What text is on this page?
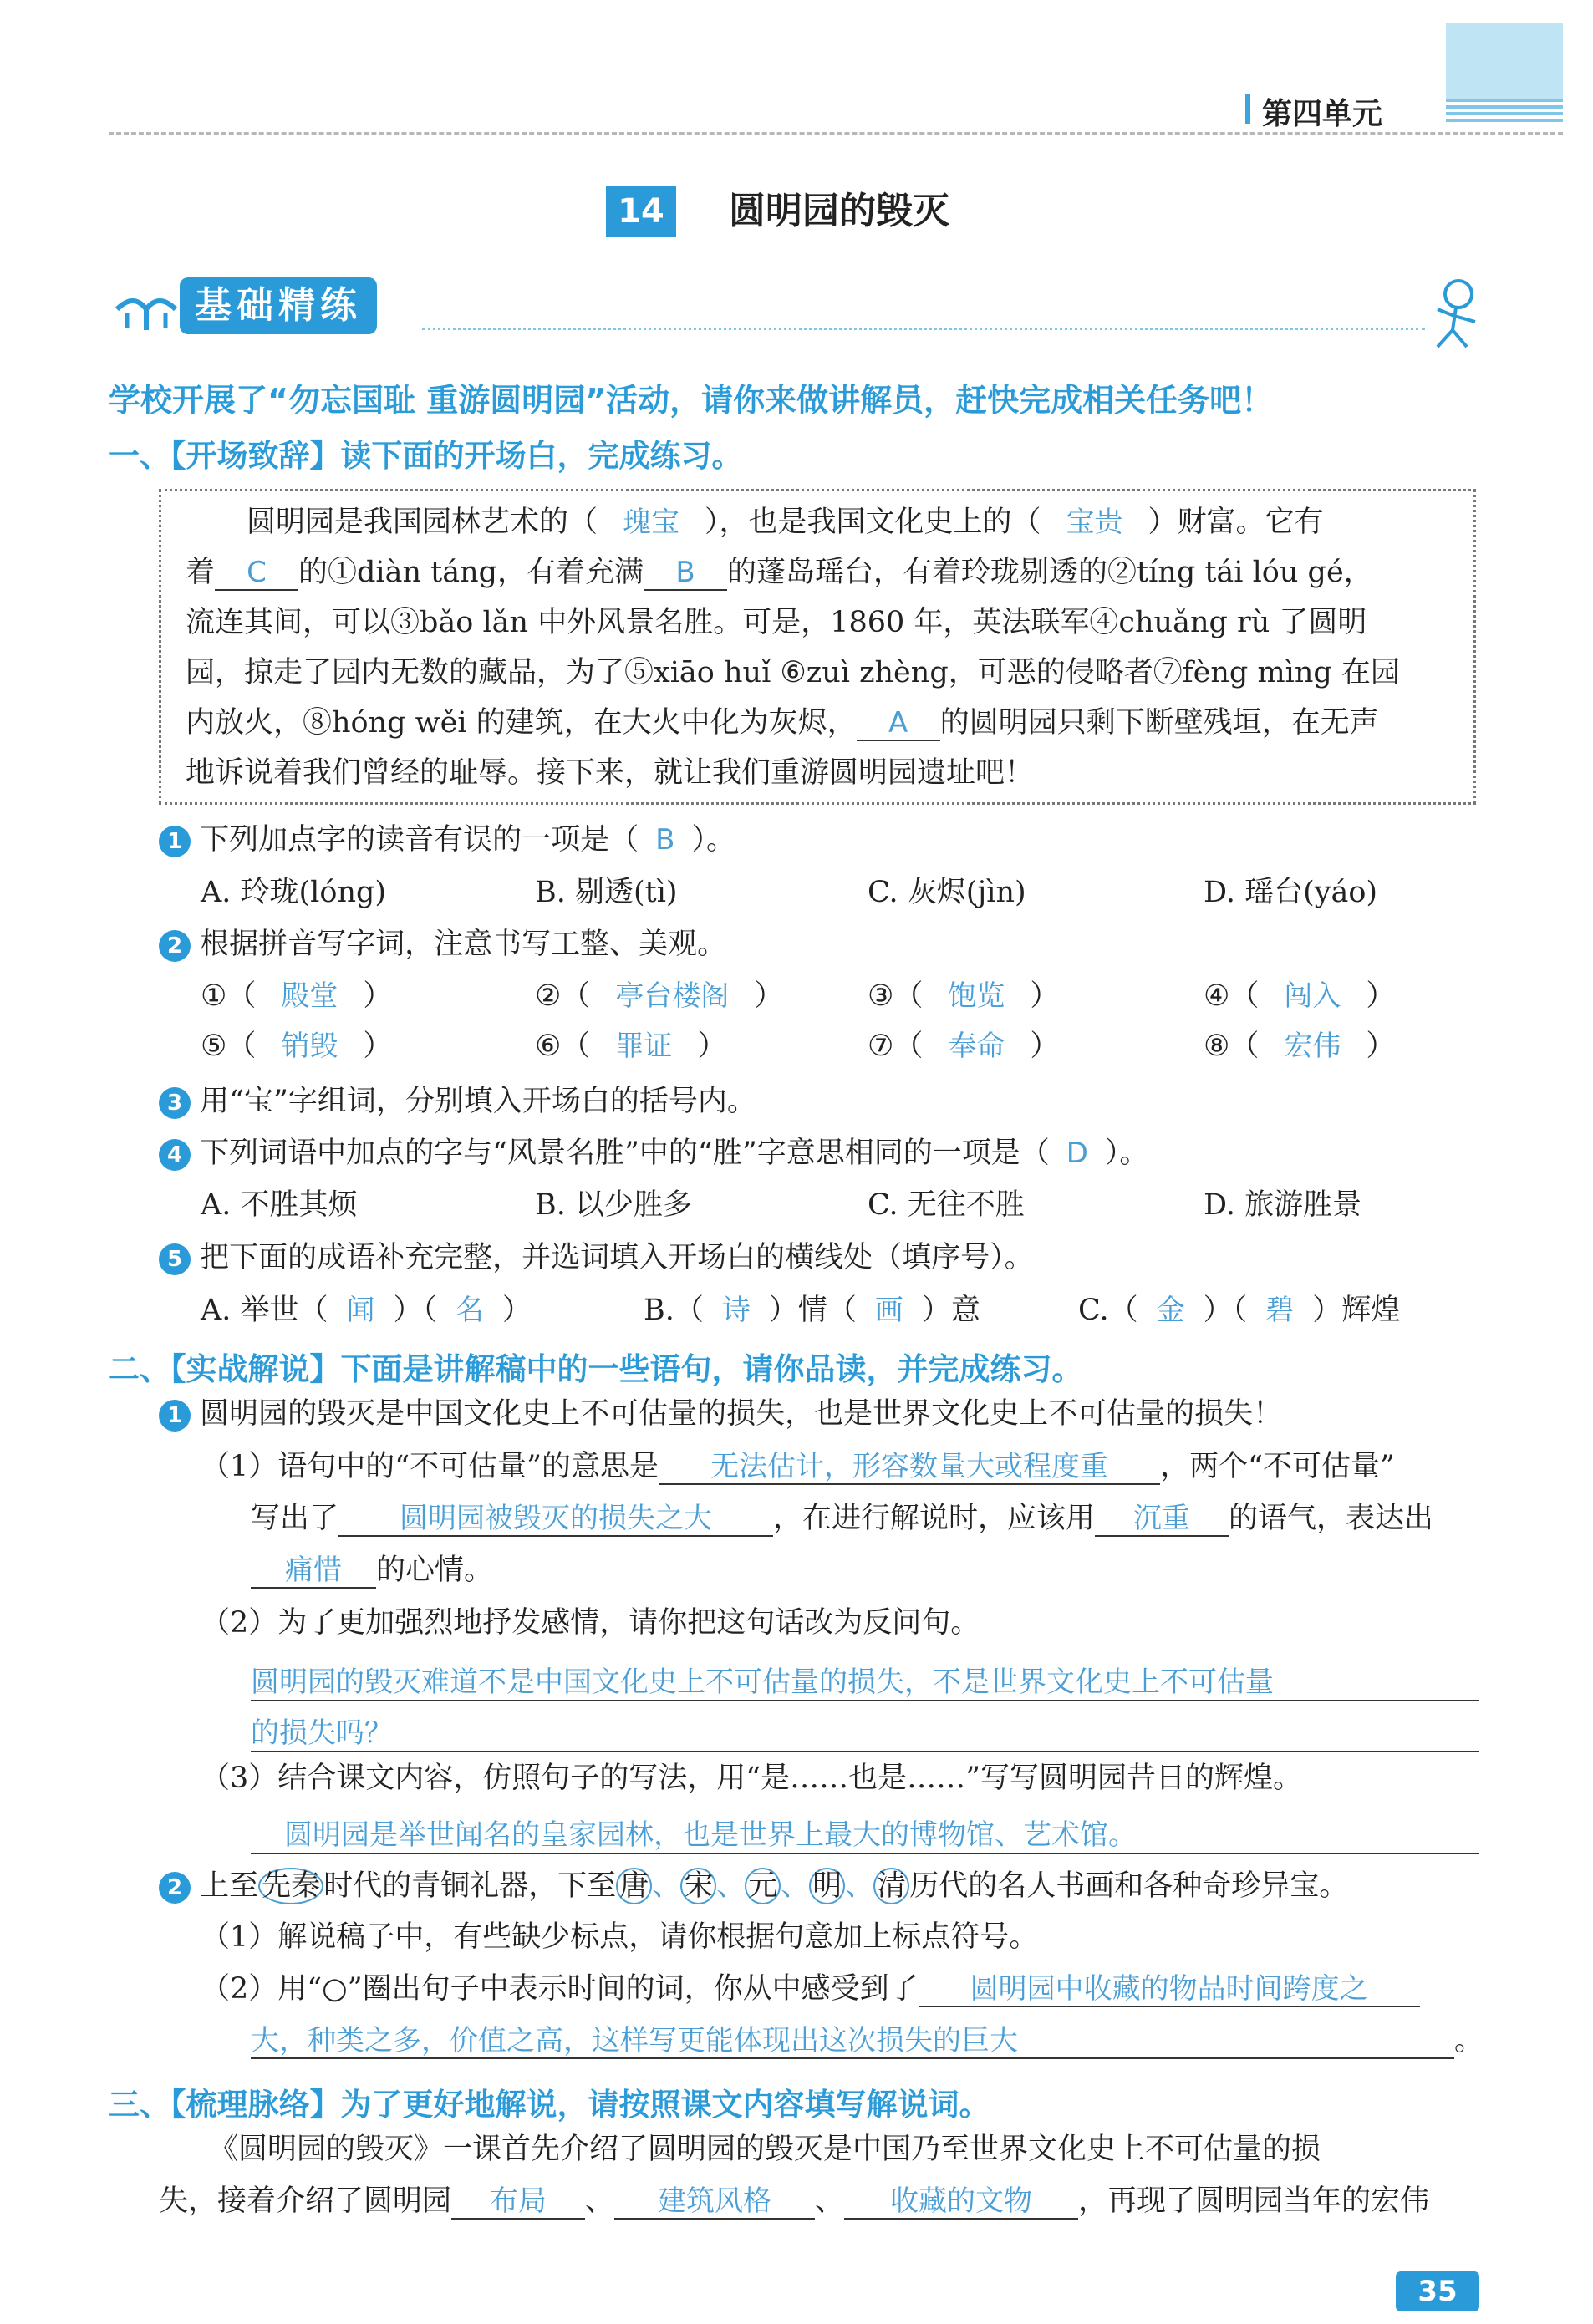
第四单元
14	圆明园的毁灭
基础精练
学校开展了“勿忘国耻 重游圆明园”活动，请你来做讲解员，赶快完成相关任务吧！
一、【开场致辞】读下面的开场白，完成练习。
圆明园是我国园林艺术的（ 瑰宝 ），也是我国文化史上的（ 宝贵 ）财富。它有
着 C 的①diàn táng，有着充满 B 的蓬岛瑶台，有着玲珑剔透的②tíng tái lóu gé，
流连其间，可以③bǎo lǎn 中外风景名胜。可是，1860 年，英法联军④chuǎng rù 了圆明
园，掠走了园内无数的藏品，为了⑤xiāo huǐ ⑥zuì zhèng，可恶的侵略者⑦fèng mìng 在园
内放火，⑧hóng wěi 的建筑，在大火中化为灰烬， A 的圆明园只剩下断壁残垣，在无声
地诉说着我们曾经的耻辱。接下来，就让我们重游圆明园遗址吧！
1 下列加点字的读音有误的一项是（ B ）。
A. 玲珑(lóng)	B. 剔透(tì)	C. 灰烬(jìn)	D. 瑶台(yáo)
2 根据拼音写字词，注意书写工整、美观。
①（ 殿堂 ）	②（ 亭台楼阁 ）	③（ 饱览 ）	④（ 闯入 ）
⑤（ 销毁 ）	⑥（ 罪证 ）	⑦（ 奉命 ）	⑧（ 宏伟 ）
3 用“宝”字组词，分别填入开场白的括号内。
4 下列词语中加点的字与“风景名胜”中的“胜”字意思相同的一项是（ D ）。
A. 不胜其烦	B. 以少胜多	C. 无往不胜	D. 旅游胜景
5 把下面的成语补充完整，并选词填入开场白的横线处（填序号）。
A. 举世（ 闻 ）（ 名 ）	B.（ 诗 ）情（ 画 ）意	C.（ 金 ）（ 碧 ）辉煌
二、【实战解说】下面是讲解稿中的一些语句，请你品读，并完成练习。
1 圆明园的毁灭是中国文化史上不可估量的损失，也是世界文化史上不可估量的损失！
（1）语句中的“不可估量”的意思是 无法估计，形容数量大或程度重 ，两个“不可估量”
写出了 圆明园被毁灭的损失之大 ，在进行解说时，应该用 沉重 的语气，表达出
痛惜 的心情。
（2）为了更加强烈地抒发感情，请你把这句话改为反问句。
圆明园的毁灭难道不是中国文化史上不可估量的损失，不是世界文化史上不可估量
的损失吗？
（3）结合课文内容，仿照句子的写法，用“是……也是……”写写圆明园昔日的辉煌。
圆明园是举世闻名的皇家园林，也是世界上最大的博物馆、艺术馆。
2 上至 先秦 时代的青铜礼器，下至 唐 、 宋 、 元 、 明 、 清 历代的名人书画和各种奇珍异宝。
（1）解说稿子中，有些缺少标点，请你根据句意加上标点符号。
（2）用“○”圈出句子中表示时间的词，你从中感受到了 圆明园中收藏的物品时间跨度之
大，种类之多，价值之高，这样写更能体现出这次损失的巨大	。
三、【梳理脉络】为了更好地解说，请按照课文内容填写解说词。
《圆明园的毁灭》一课首先介绍了圆明园的毁灭是中国乃至世界文化史上不可估量的损
失，接着介绍了圆明园 布局 、 建筑风格 、 收藏的文物 ，再现了圆明园当年的宏伟
35
